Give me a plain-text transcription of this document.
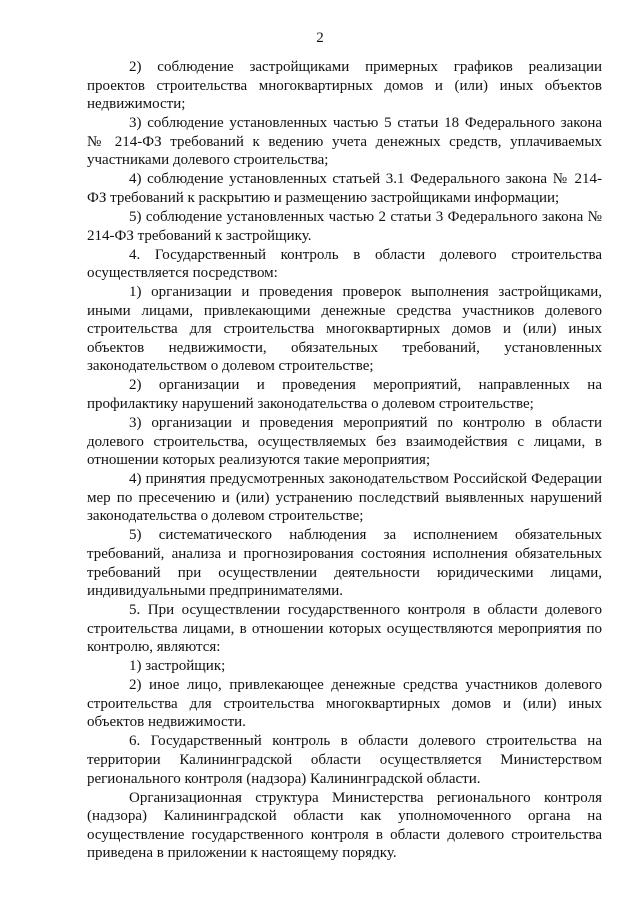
2

2) соблюдение застройщиками примерных графиков реализации проектов строительства многоквартирных домов и (или) иных объектов недвижимости;

3) соблюдение установленных частью 5 статьи 18 Федерального закона № 214-ФЗ требований к ведению учета денежных средств, уплачиваемых участниками долевого строительства;

4) соблюдение установленных статьей 3.1 Федерального закона № 214-ФЗ требований к раскрытию и размещению застройщиками информации;

5) соблюдение установленных частью 2 статьи 3 Федерального закона № 214-ФЗ требований к застройщику.

4. Государственный контроль в области долевого строительства осуществляется посредством:

1) организации и проведения проверок выполнения застройщиками, иными лицами, привлекающими денежные средства участников долевого строительства для строительства многоквартирных домов и (или) иных объектов недвижимости, обязательных требований, установленных законодательством о долевом строительстве;

2) организации и проведения мероприятий, направленных на профилактику нарушений законодательства о долевом строительстве;

3) организации и проведения мероприятий по контролю в области долевого строительства, осуществляемых без взаимодействия с лицами, в отношении которых реализуются такие мероприятия;

4) принятия предусмотренных законодательством Российской Федерации мер по пресечению и (или) устранению последствий выявленных нарушений законодательства о долевом строительстве;

5) систематического наблюдения за исполнением обязательных требований, анализа и прогнозирования состояния исполнения обязательных требований при осуществлении деятельности юридическими лицами, индивидуальными предпринимателями.

5. При осуществлении государственного контроля в области долевого строительства лицами, в отношении которых осуществляются мероприятия по контролю, являются:

1) застройщик;

2) иное лицо, привлекающее денежные средства участников долевого строительства для строительства многоквартирных домов и (или) иных объектов недвижимости.

6. Государственный контроль в области долевого строительства на территории Калининградской области осуществляется Министерством регионального контроля (надзора) Калининградской области.

Организационная структура Министерства регионального контроля (надзора) Калининградской области как уполномоченного органа на осуществление государственного контроля в области долевого строительства приведена в приложении к настоящему порядку.
